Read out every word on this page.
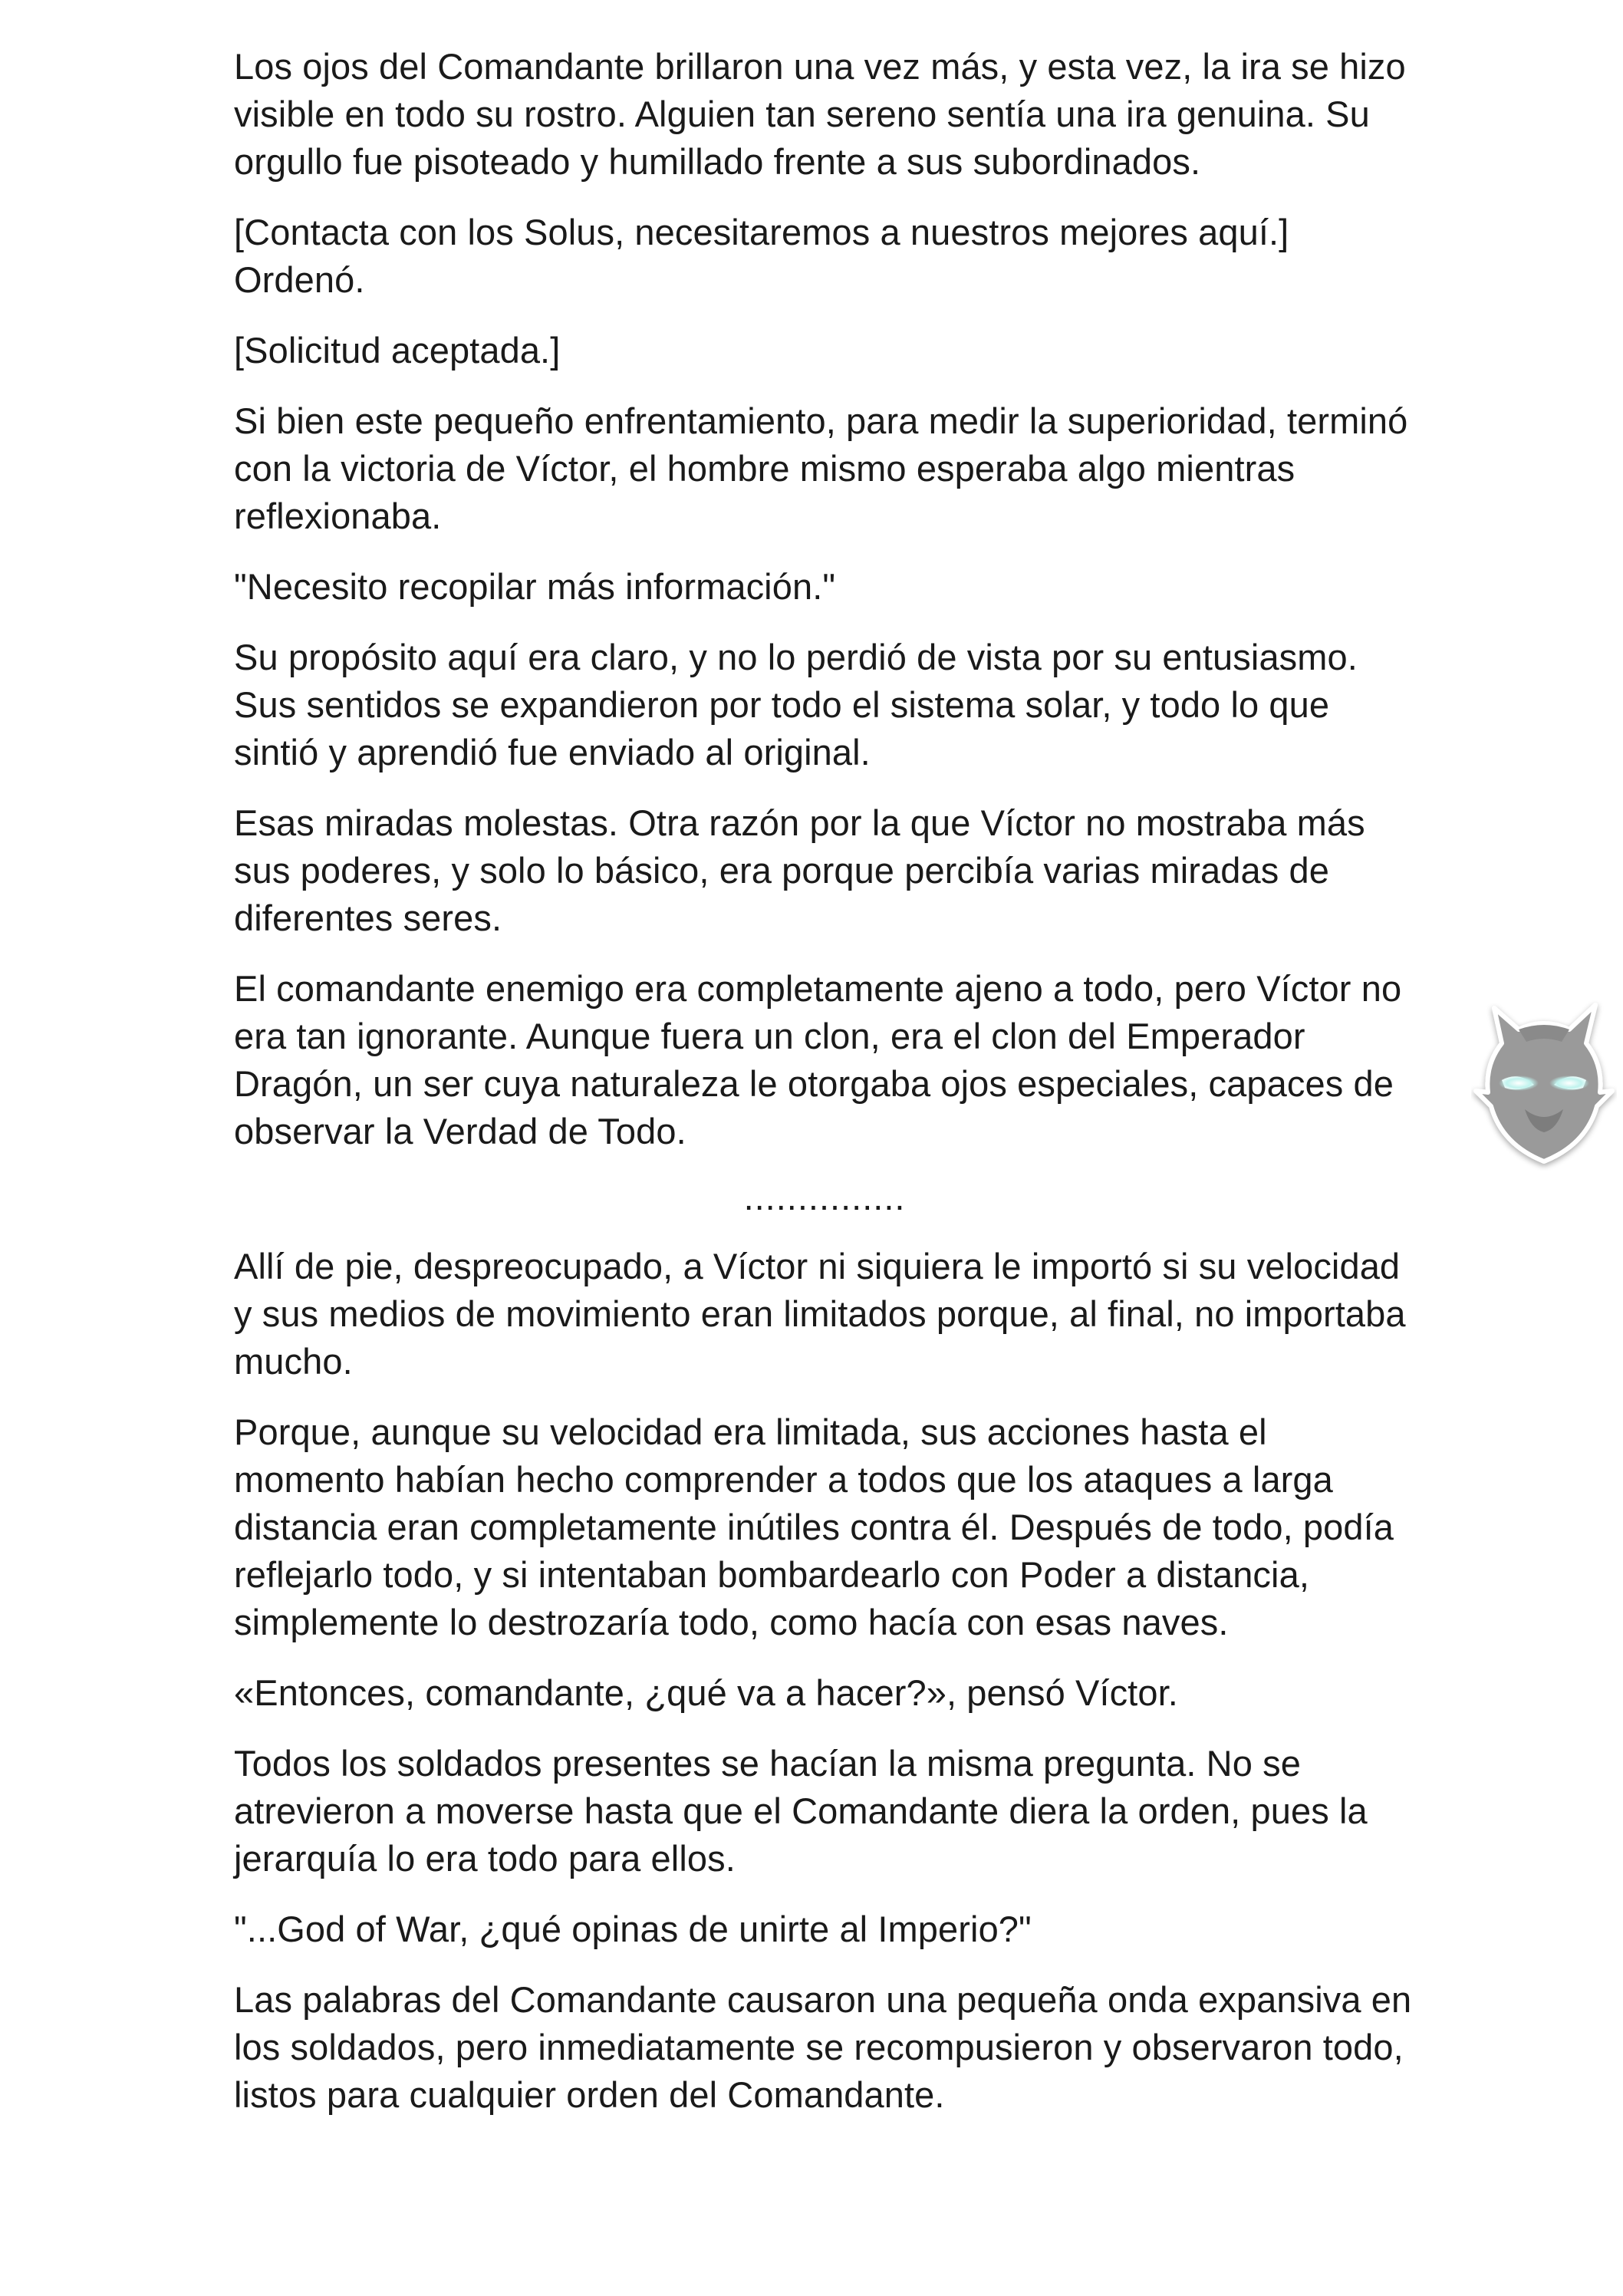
Los ojos del Comandante brillaron una vez más, y esta vez, la ira se hizo visible en todo su rostro. Alguien tan sereno sentía una ira genuina. Su orgullo fue pisoteado y humillado frente a sus subordinados.

[Contacta con los Solus, necesitaremos a nuestros mejores aquí.] Ordenó.

[Solicitud aceptada.]

Si bien este pequeño enfrentamiento, para medir la superioridad, terminó con la victoria de Víctor, el hombre mismo esperaba algo mientras reflexionaba.

"Necesito recopilar más información."

Su propósito aquí era claro, y no lo perdió de vista por su entusiasmo. Sus sentidos se expandieron por todo el sistema solar, y todo lo que sintió y aprendió fue enviado al original.

Esas miradas molestas. Otra razón por la que Víctor no mostraba más sus poderes, y solo lo básico, era porque percibía varias miradas de diferentes seres.

El comandante enemigo era completamente ajeno a todo, pero Víctor no era tan ignorante. Aunque fuera un clon, era el clon del Emperador Dragón, un ser cuya naturaleza le otorgaba ojos especiales, capaces de observar la Verdad de Todo.

...............

Allí de pie, despreocupado, a Víctor ni siquiera le importó si su velocidad y sus medios de movimiento eran limitados porque, al final, no importaba mucho.

Porque, aunque su velocidad era limitada, sus acciones hasta el momento habían hecho comprender a todos que los ataques a larga distancia eran completamente inútiles contra él. Después de todo, podía reflejarlo todo, y si intentaban bombardearlo con Poder a distancia, simplemente lo destrozaría todo, como hacía con esas naves.

«Entonces, comandante, ¿qué va a hacer?», pensó Víctor.

Todos los soldados presentes se hacían la misma pregunta. No se atrevieron a moverse hasta que el Comandante diera la orden, pues la jerarquía lo era todo para ellos.

"...God of War, ¿qué opinas de unirte al Imperio?"

Las palabras del Comandante causaron una pequeña onda expansiva en los soldados, pero inmediatamente se recompusieron y observaron todo, listos para cualquier orden del Comandante.
